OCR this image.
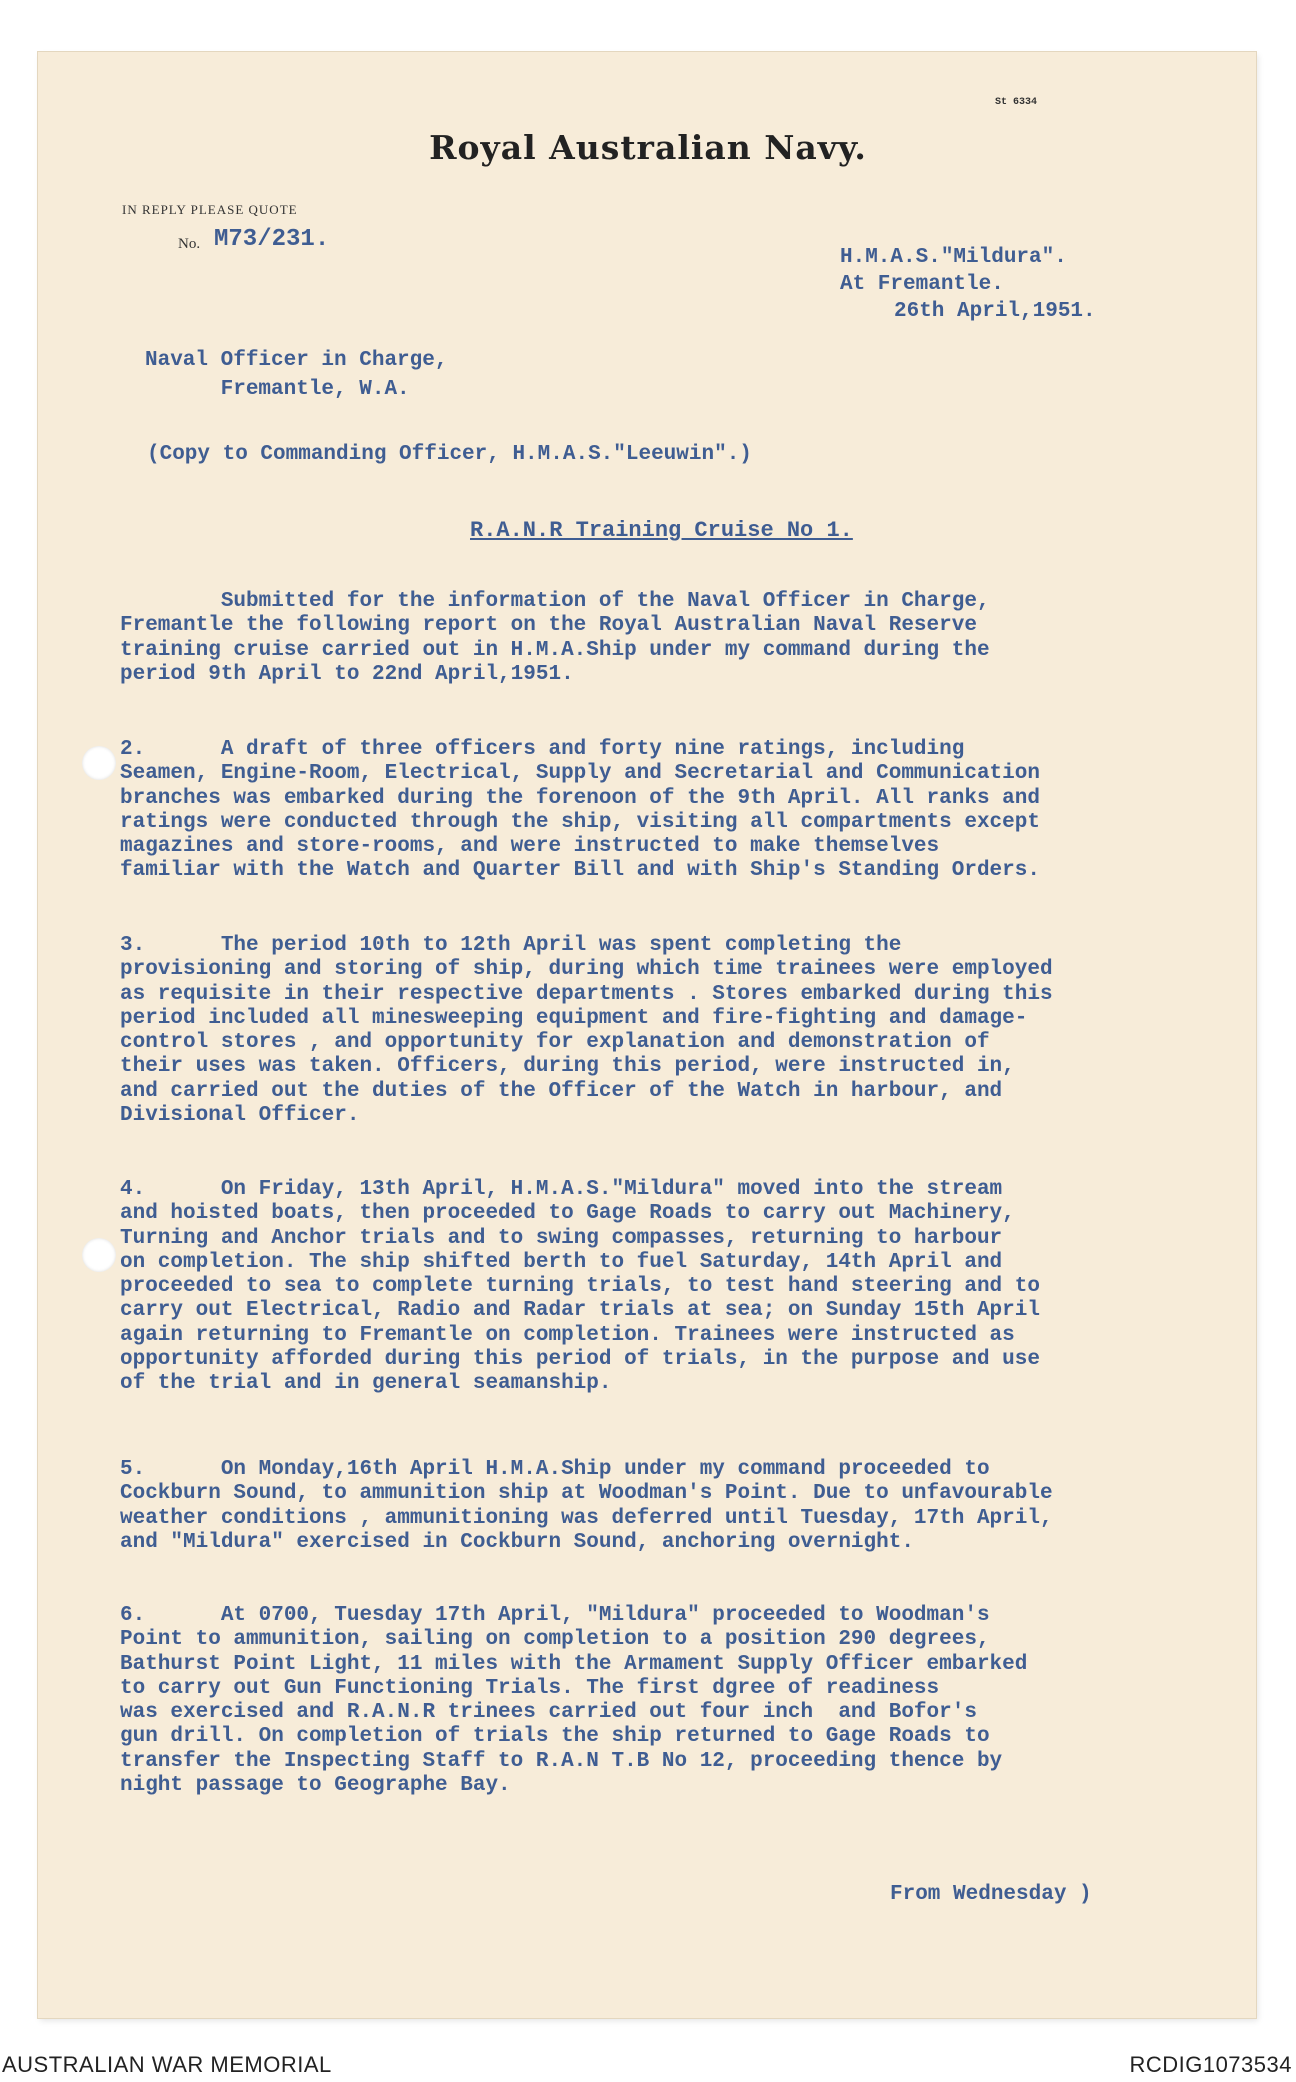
St 6334
Royal Australian Navy.
IN REPLY PLEASE QUOTE
No. M73/231.
H.M.A.S."Mildura".
At Fremantle.
26th April,1951.
Naval Officer in Charge,
Fremantle, W.A.
(Copy to Commanding Officer, H.M.A.S."Leeuwin".)
R.A.N.R Training Cruise No 1.
Submitted for the information of the Naval Officer in Charge,
Fremantle the following report on the Royal Australian Naval Reserve
training cruise carried out in H.M.A.Ship under my command during the
period 9th April to 22nd April,1951.
2.      A draft of three officers and forty nine ratings, including
Seamen, Engine-Room, Electrical, Supply and Secretarial and Communication
branches was embarked during the forenoon of the 9th April. All ranks and
ratings were conducted through the ship, visiting all compartments except
magazines and store-rooms, and were instructed to make themselves
familiar with the Watch and Quarter Bill and with Ship's Standing Orders.
3.      The period 10th to 12th April was spent completing the
provisioning and storing of ship, during which time trainees were employed
as requisite in their respective departments . Stores embarked during this
period included all minesweeping equipment and fire-fighting and damage-
control stores , and opportunity for explanation and demonstration of
their uses was taken. Officers, during this period, were instructed in,
and carried out the duties of the Officer of the Watch in harbour, and
Divisional Officer.
4.      On Friday, 13th April, H.M.A.S."Mildura" moved into the stream
and hoisted boats, then proceeded to Gage Roads to carry out Machinery,
Turning and Anchor trials and to swing compasses, returning to harbour
on completion. The ship shifted berth to fuel Saturday, 14th April and
proceeded to sea to complete turning trials, to test hand steering and to
carry out Electrical, Radio and Radar trials at sea; on Sunday 15th April
again returning to Fremantle on completion. Trainees were instructed as
opportunity afforded during this period of trials, in the purpose and use
of the trial and in general seamanship.
5.      On Monday,16th April H.M.A.Ship under my command proceeded to
Cockburn Sound, to ammunition ship at Woodman's Point. Due to unfavourable
weather conditions , ammunitioning was deferred until Tuesday, 17th April,
and "Mildura" exercised in Cockburn Sound, anchoring overnight.
6.      At 0700, Tuesday 17th April, "Mildura" proceeded to Woodman's
Point to ammunition, sailing on completion to a position 290 degrees,
Bathurst Point Light, 11 miles with the Armament Supply Officer embarked
to carry out Gun Functioning Trials. The first dgree of readiness
was exercised and R.A.N.R trinees carried out four inch  and Bofor's
gun drill. On completion of trials the ship returned to Gage Roads to
transfer the Inspecting Staff to R.A.N T.B No 12, proceeding thence by
night passage to Geographe Bay.
From Wednesday )
AUSTRALIAN WAR MEMORIAL	RCDIG1073534
